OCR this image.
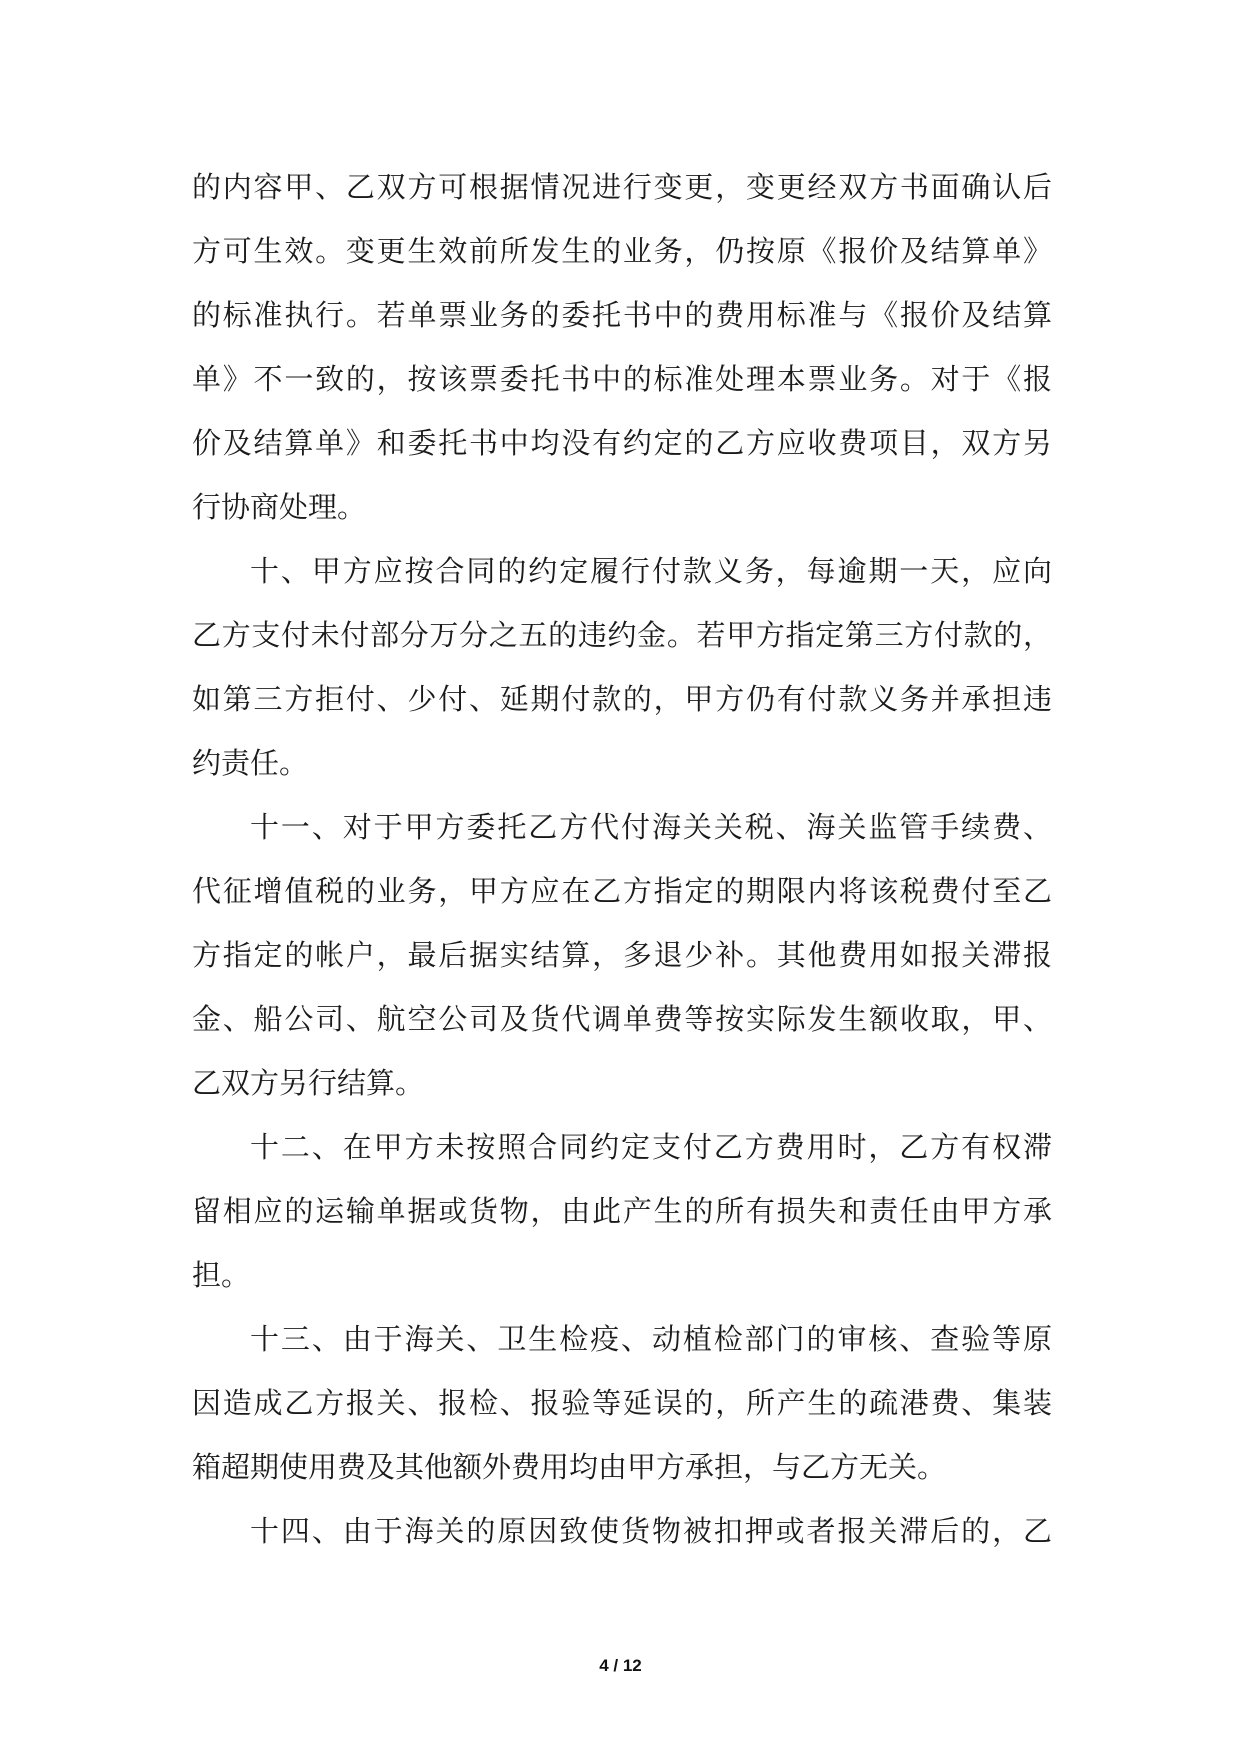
的内容甲、乙双方可根据情况进行变更，变更经双方书面确认后
方可生效。变更生效前所发生的业务，仍按原《报价及结算单》
的标准执行。若单票业务的委托书中的费用标准与《报价及结算
单》不一致的，按该票委托书中的标准处理本票业务。对于《报
价及结算单》和委托书中均没有约定的乙方应收费项目，双方另
行协商处理。
十、甲方应按合同的约定履行付款义务，每逾期一天，应向
乙方支付未付部分万分之五的违约金。若甲方指定第三方付款的，
如第三方拒付、少付、延期付款的，甲方仍有付款义务并承担违
约责任。
十一、对于甲方委托乙方代付海关关税、海关监管手续费、
代征增值税的业务，甲方应在乙方指定的期限内将该税费付至乙
方指定的帐户，最后据实结算，多退少补。其他费用如报关滞报
金、船公司、航空公司及货代调单费等按实际发生额收取，甲、
乙双方另行结算。
十二、在甲方未按照合同约定支付乙方费用时，乙方有权滞
留相应的运输单据或货物，由此产生的所有损失和责任由甲方承
担。
十三、由于海关、卫生检疫、动植检部门的审核、查验等原
因造成乙方报关、报检、报验等延误的，所产生的疏港费、集装
箱超期使用费及其他额外费用均由甲方承担，与乙方无关。
十四、由于海关的原因致使货物被扣押或者报关滞后的，乙
4 / 12
